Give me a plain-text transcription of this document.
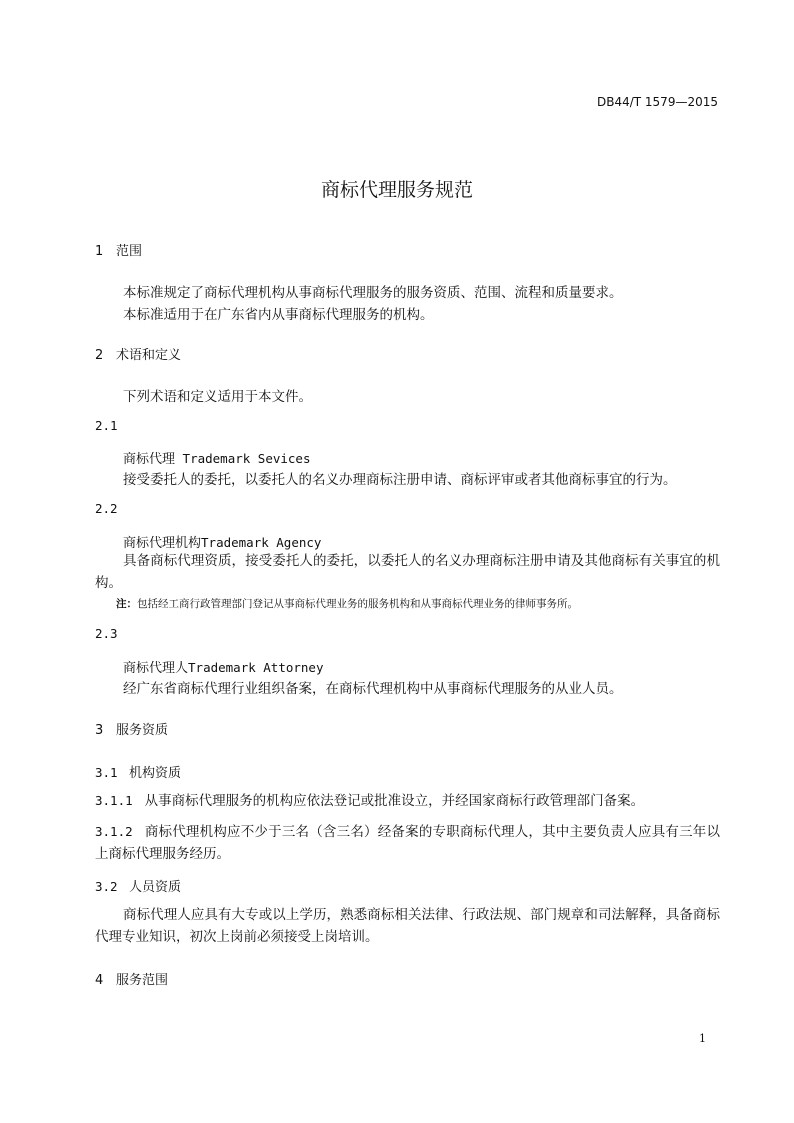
DB44/T 1579—2015
商标代理服务规范
1 范围
本标准规定了商标代理机构从事商标代理服务的服务资质、范围、流程和质量要求。
本标准适用于在广东省内从事商标代理服务的机构。
2 术语和定义
下列术语和定义适用于本文件。
2.1
商标代理 Trademark Sevices
接受委托人的委托，以委托人的名义办理商标注册申请、商标评审或者其他商标事宜的行为。
2.2
商标代理机构Trademark Agency
具备商标代理资质，接受委托人的委托，以委托人的名义办理商标注册申请及其他商标有关事宜的机构。
注：包括经工商行政管理部门登记从事商标代理业务的服务机构和从事商标代理业务的律师事务所。
2.3
商标代理人Trademark Attorney
经广东省商标代理行业组织备案，在商标代理机构中从事商标代理服务的从业人员。
3 服务资质
3.1 机构资质
3.1.1 从事商标代理服务的机构应依法登记或批准设立，并经国家商标行政管理部门备案。
3.1.2 商标代理机构应不少于三名（含三名）经备案的专职商标代理人，其中主要负责人应具有三年以上商标代理服务经历。
3.2 人员资质
商标代理人应具有大专或以上学历，熟悉商标相关法律、行政法规、部门规章和司法解释，具备商标代理专业知识，初次上岗前必须接受上岗培训。
4 服务范围
1
